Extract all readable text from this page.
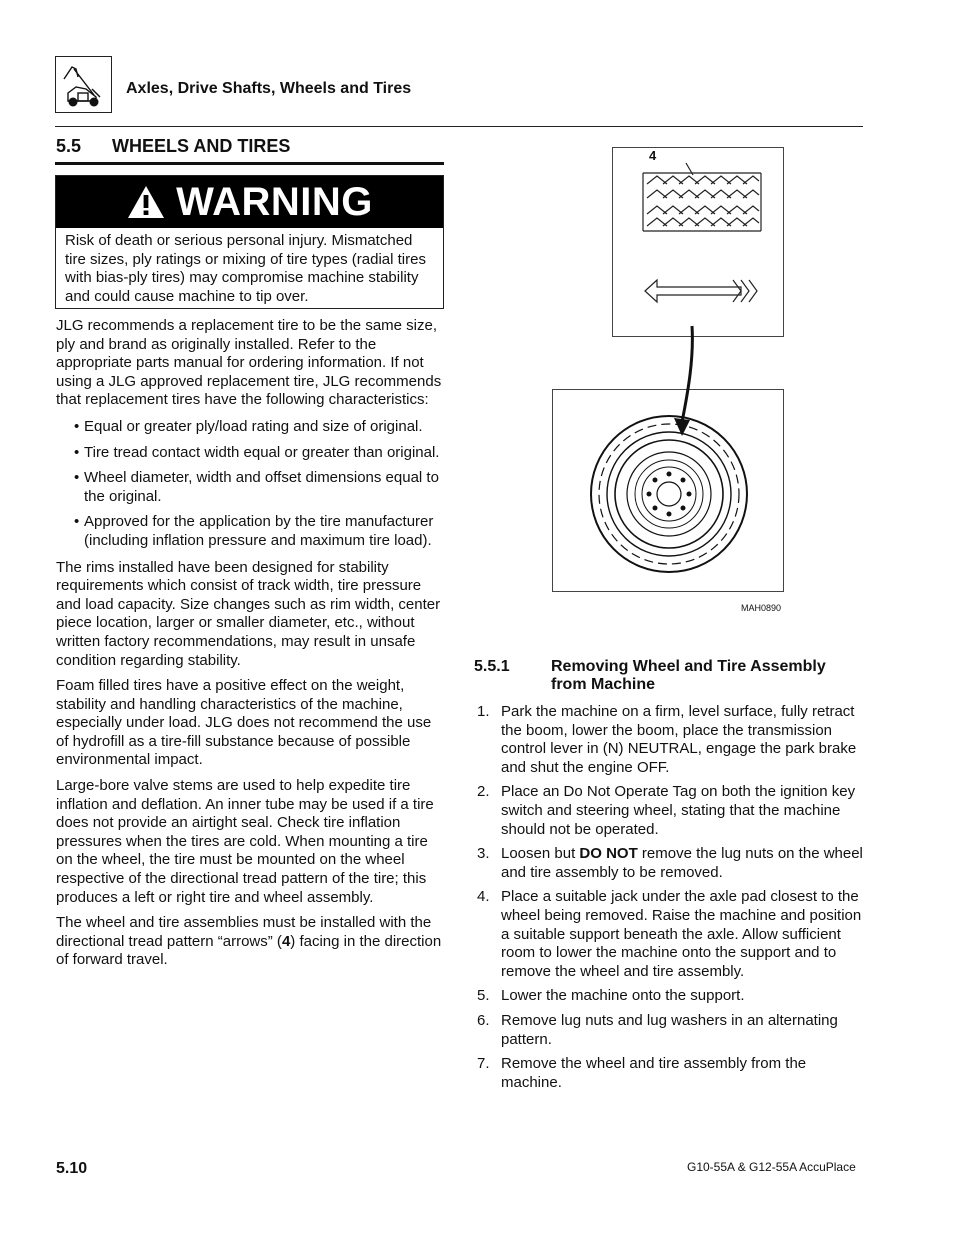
Axles, Drive Shafts, Wheels and Tires
5.5 WHEELS AND TIRES
WARNING
Risk of death or serious personal injury. Mismatched tire sizes, ply ratings or mixing of tire types (radial tires with bias-ply tires) may compromise machine stability and could cause machine to tip over.

JLG recommends a replacement tire to be the same size, ply and brand as originally installed. Refer to the appropriate parts manual for ordering information. If not using a JLG approved replacement tire, JLG recommends that replacement tires have the following characteristics:

• Equal or greater ply/load rating and size of original.
• Tire tread contact width equal or greater than original.
• Wheel diameter, width and offset dimensions equal to the original.
• Approved for the application by the tire manufacturer (including inflation pressure and maximum tire load).

The rims installed have been designed for stability requirements which consist of track width, tire pressure and load capacity. Size changes such as rim width, center piece location, larger or smaller diameter, etc., without written factory recommendations, may result in unsafe condition regarding stability.

Foam filled tires have a positive effect on the weight, stability and handling characteristics of the machine, especially under load. JLG does not recommend the use of hydrofill as a tire-fill substance because of possible environmental impact.

Large-bore valve stems are used to help expedite tire inflation and deflation. An inner tube may be used if a tire does not provide an airtight seal. Check tire inflation pressures when the tires are cold. When mounting a tire on the wheel, the tire must be mounted on the wheel respective of the directional tread pattern of the tire; this produces a left or right tire and wheel assembly.

The wheel and tire assemblies must be installed with the directional tread pattern “arrows” (4) facing in the direction of forward travel.

4
MAH0890
5.5.1	Removing Wheel and Tire Assembly from Machine
1. Park the machine on a firm, level surface, fully retract the boom, lower the boom, place the transmission control lever in (N) NEUTRAL, engage the park brake and shut the engine OFF.
2. Place an Do Not Operate Tag on both the ignition key switch and steering wheel, stating that the machine should not be operated.
3. Loosen but DO NOT remove the lug nuts on the wheel and tire assembly to be removed.
4. Place a suitable jack under the axle pad closest to the wheel being removed. Raise the machine and position a suitable support beneath the axle. Allow sufficient room to lower the machine onto the support and to remove the wheel and tire assembly.
5. Lower the machine onto the support.
6. Remove lug nuts and lug washers in an alternating pattern.
7. Remove the wheel and tire assembly from the machine.
5.10	G10-55A & G12-55A AccuPlace
